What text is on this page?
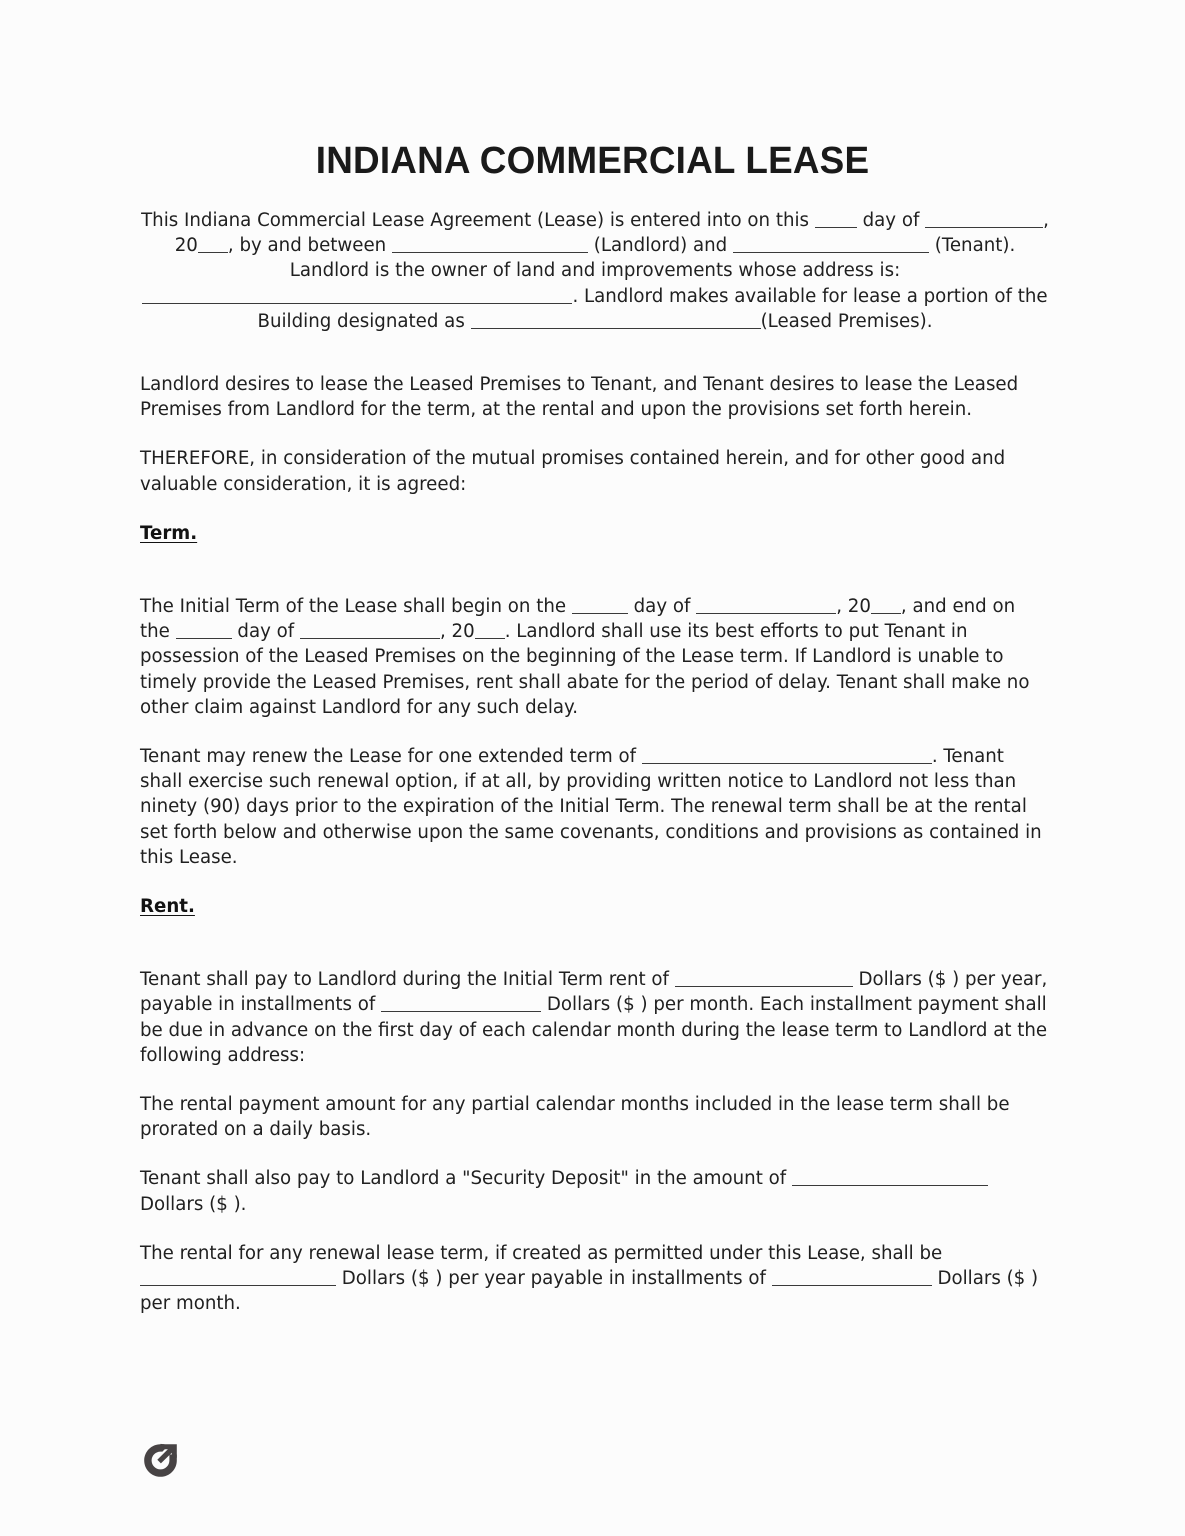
INDIANA COMMERCIAL LEASE

This Indiana Commercial Lease Agreement (Lease) is entered into on this  day of	, 20 , by and between	(Landlord) and	(Tenant). Landlord is the owner of land and improvements whose address is: . Landlord makes available for lease a portion of the Building designated as	(Leased Premises).

Landlord desires to lease the Leased Premises to Tenant, and Tenant desires to lease the Leased Premises from Landlord for the term, at the rental and upon the provisions set forth herein.

THEREFORE, in consideration of the mutual promises contained herein, and for other good and valuable consideration, it is agreed:

Term.

The Initial Term of the Lease shall begin on the	day of	, 20 , and end on the	day of	, 20 . Landlord shall use its best efforts to put Tenant in possession of the Leased Premises on the beginning of the Lease term. If Landlord is unable to timely provide the Leased Premises, rent shall abate for the period of delay. Tenant shall make no other claim against Landlord for any such delay.

Tenant may renew the Lease for one extended term of	. Tenant shall exercise such renewal option, if at all, by providing written notice to Landlord not less than ninety (90) days prior to the expiration of the Initial Term. The renewal term shall be at the rental set forth below and otherwise upon the same covenants, conditions and provisions as contained in this Lease.

Rent.

Tenant shall pay to Landlord during the Initial Term rent of	Dollars ($ ) per year, payable in installments of	Dollars ($ ) per month. Each installment payment shall be due in advance on the first day of each calendar month during the lease term to Landlord at the following address:

The rental payment amount for any partial calendar months included in the lease term shall be prorated on a daily basis.

Tenant shall also pay to Landlord a "Security Deposit" in the amount of  Dollars ($ ).

The rental for any renewal lease term, if created as permitted under this Lease, shall be  Dollars ($ ) per year payable in installments of	Dollars ($ ) per month.
